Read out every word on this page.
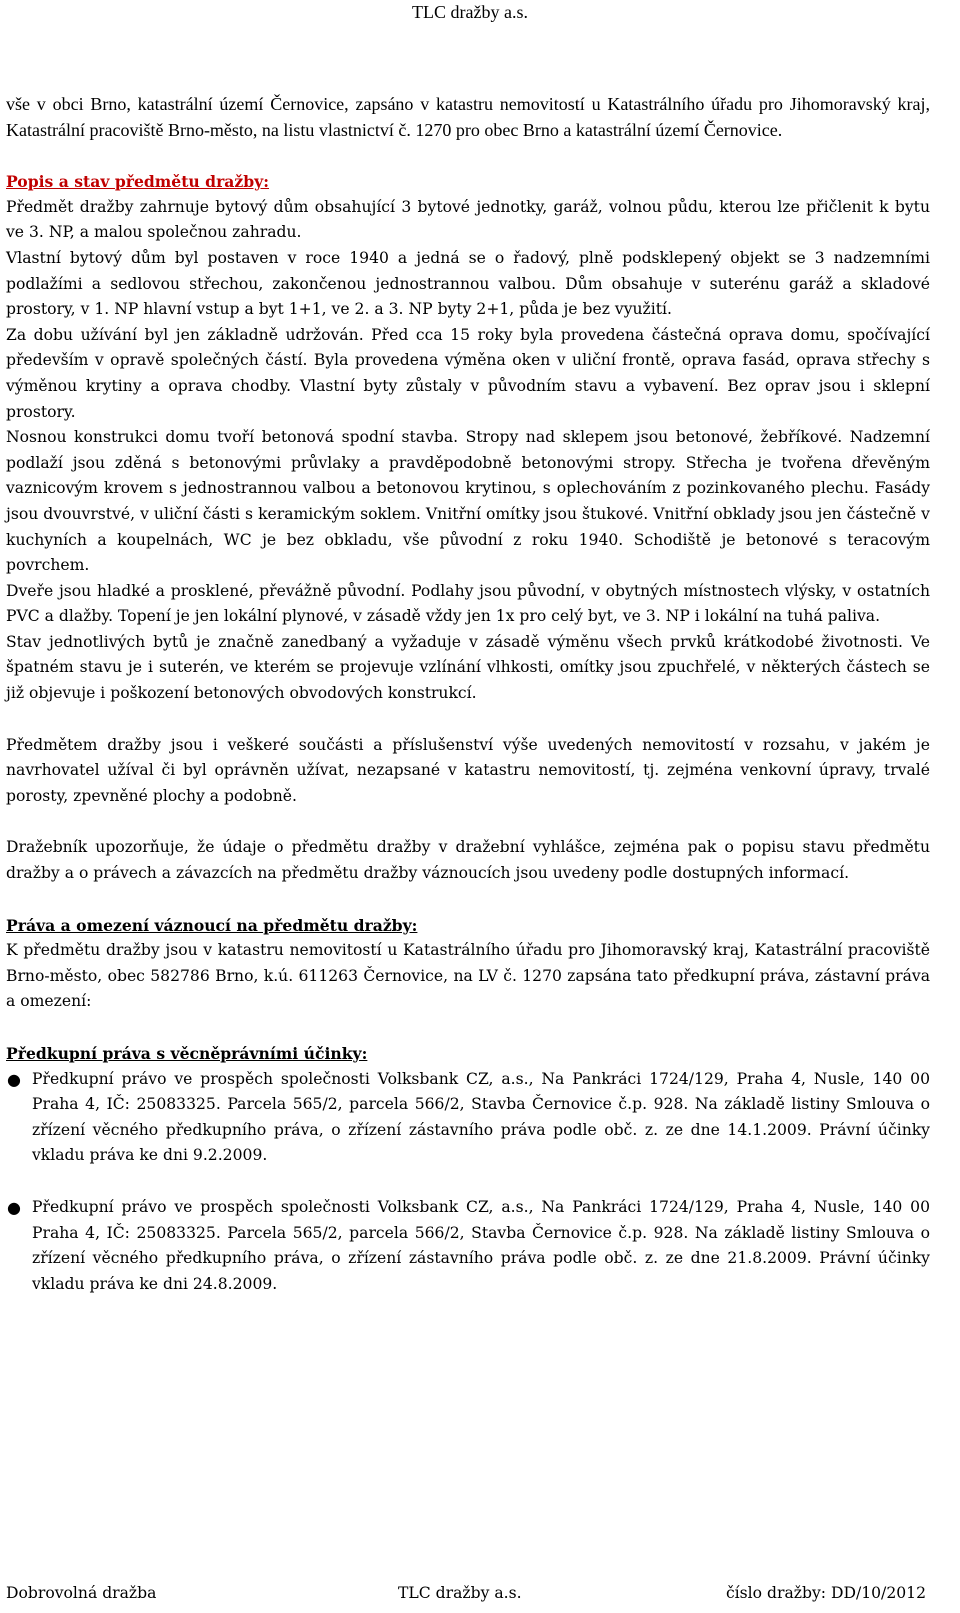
TLC dražby a.s.

vše v obci Brno, katastrální území Černovice, zapsáno v katastru nemovitostí u Katastrálního úřadu pro Jihomoravský kraj, Katastrální pracoviště Brno-město, na listu vlastnictví č. 1270 pro obec Brno a katastrální území Černovice.

Popis a stav předmětu dražby:

Předmět dražby zahrnuje bytový dům obsahující 3 bytové jednotky, garáž, volnou půdu, kterou lze přičlenit k bytu ve 3. NP, a malou společnou zahradu.

Vlastní bytový dům byl postaven v roce 1940 a jedná se o řadový, plně podsklepený objekt se 3 nadzemními podlažími a sedlovou střechou, zakončenou jednostrannou valbou. Dům obsahuje v suterénu garáž a skladové prostory, v 1. NP hlavní vstup a byt 1+1, ve 2. a 3. NP byty 2+1, půda je bez využití.

Za dobu užívání byl jen základně udržován. Před cca 15 roky byla provedena částečná oprava domu, spočívající především v opravě společných částí. Byla provedena výměna oken v uliční frontě, oprava fasád, oprava střechy s výměnou krytiny a oprava chodby. Vlastní byty zůstaly v původním stavu a vybavení. Bez oprav jsou i sklepní prostory.

Nosnou konstrukci domu tvoří betonová spodní stavba. Stropy nad sklepem jsou betonové, žebříkové. Nadzemní podlaží jsou zděná s betonovými průvlaky a pravděpodobně betonovými stropy. Střecha je tvořena dřevěným vaznicovým krovem s jednostrannou valbou a betonovou krytinou, s oplechováním z pozinkovaného plechu. Fasády jsou dvouvrstvé, v uliční části s keramickým soklem. Vnitřní omítky jsou štukové. Vnitřní obklady jsou jen částečně v kuchyních a koupelnách, WC je bez obkladu, vše původní z roku 1940. Schodiště je betonové s teracovým povrchem.

Dveře jsou hladké a prosklené, převážně původní. Podlahy jsou původní, v obytných místnostech vlýsky, v ostatních PVC a dlažby. Topení je jen lokální plynové, v zásadě vždy jen 1x pro celý byt, ve 3. NP i lokální na tuhá paliva.

Stav jednotlivých bytů je značně zanedbaný a vyžaduje v zásadě výměnu všech prvků krátkodobé životnosti. Ve špatném stavu je i suterén, ve kterém se projevuje vzlínání vlhkosti, omítky jsou zpuchřelé, v některých částech se již objevuje i poškození betonových obvodových konstrukcí.

Předmětem dražby jsou i veškeré součásti a příslušenství výše uvedených nemovitostí v rozsahu, v jakém je navrhovatel užíval či byl oprávněn užívat, nezapsané v katastru nemovitostí, tj. zejména venkovní úpravy, trvalé porosty, zpevněné plochy a podobně.

Dražebník upozorňuje, že údaje o předmětu dražby v dražební vyhlášce, zejména pak o popisu stavu předmětu dražby a o právech a závazcích na předmětu dražby váznoucích jsou uvedeny podle dostupných informací.

Práva a omezení váznoucí na předmětu dražby:

K předmětu dražby jsou v katastru nemovitostí u Katastrálního úřadu pro Jihomoravský kraj, Katastrální pracoviště Brno-město, obec 582786 Brno, k.ú. 611263 Černovice, na LV č. 1270 zapsána tato předkupní práva, zástavní práva a omezení:

Předkupní práva s věcněprávními účinky:

● Předkupní právo ve prospěch společnosti Volksbank CZ, a.s., Na Pankráci 1724/129, Praha 4, Nusle, 140 00 Praha 4, IČ: 25083325. Parcela 565/2, parcela 566/2, Stavba Černovice č.p. 928. Na základě listiny Smlouva o zřízení věcného předkupního práva, o zřízení zástavního práva podle obč. z. ze dne 14.1.2009. Právní účinky vkladu práva ke dni 9.2.2009.
● Předkupní právo ve prospěch společnosti Volksbank CZ, a.s., Na Pankráci 1724/129, Praha 4, Nusle, 140 00 Praha 4, IČ: 25083325. Parcela 565/2, parcela 566/2, Stavba Černovice č.p. 928. Na základě listiny Smlouva o zřízení věcného předkupního práva, o zřízení zástavního práva podle obč. z. ze dne 21.8.2009. Právní účinky vkladu práva ke dni 24.8.2009.
Dobrovolná dražba	TLC dražby a.s.	číslo dražby: DD/10/2012
